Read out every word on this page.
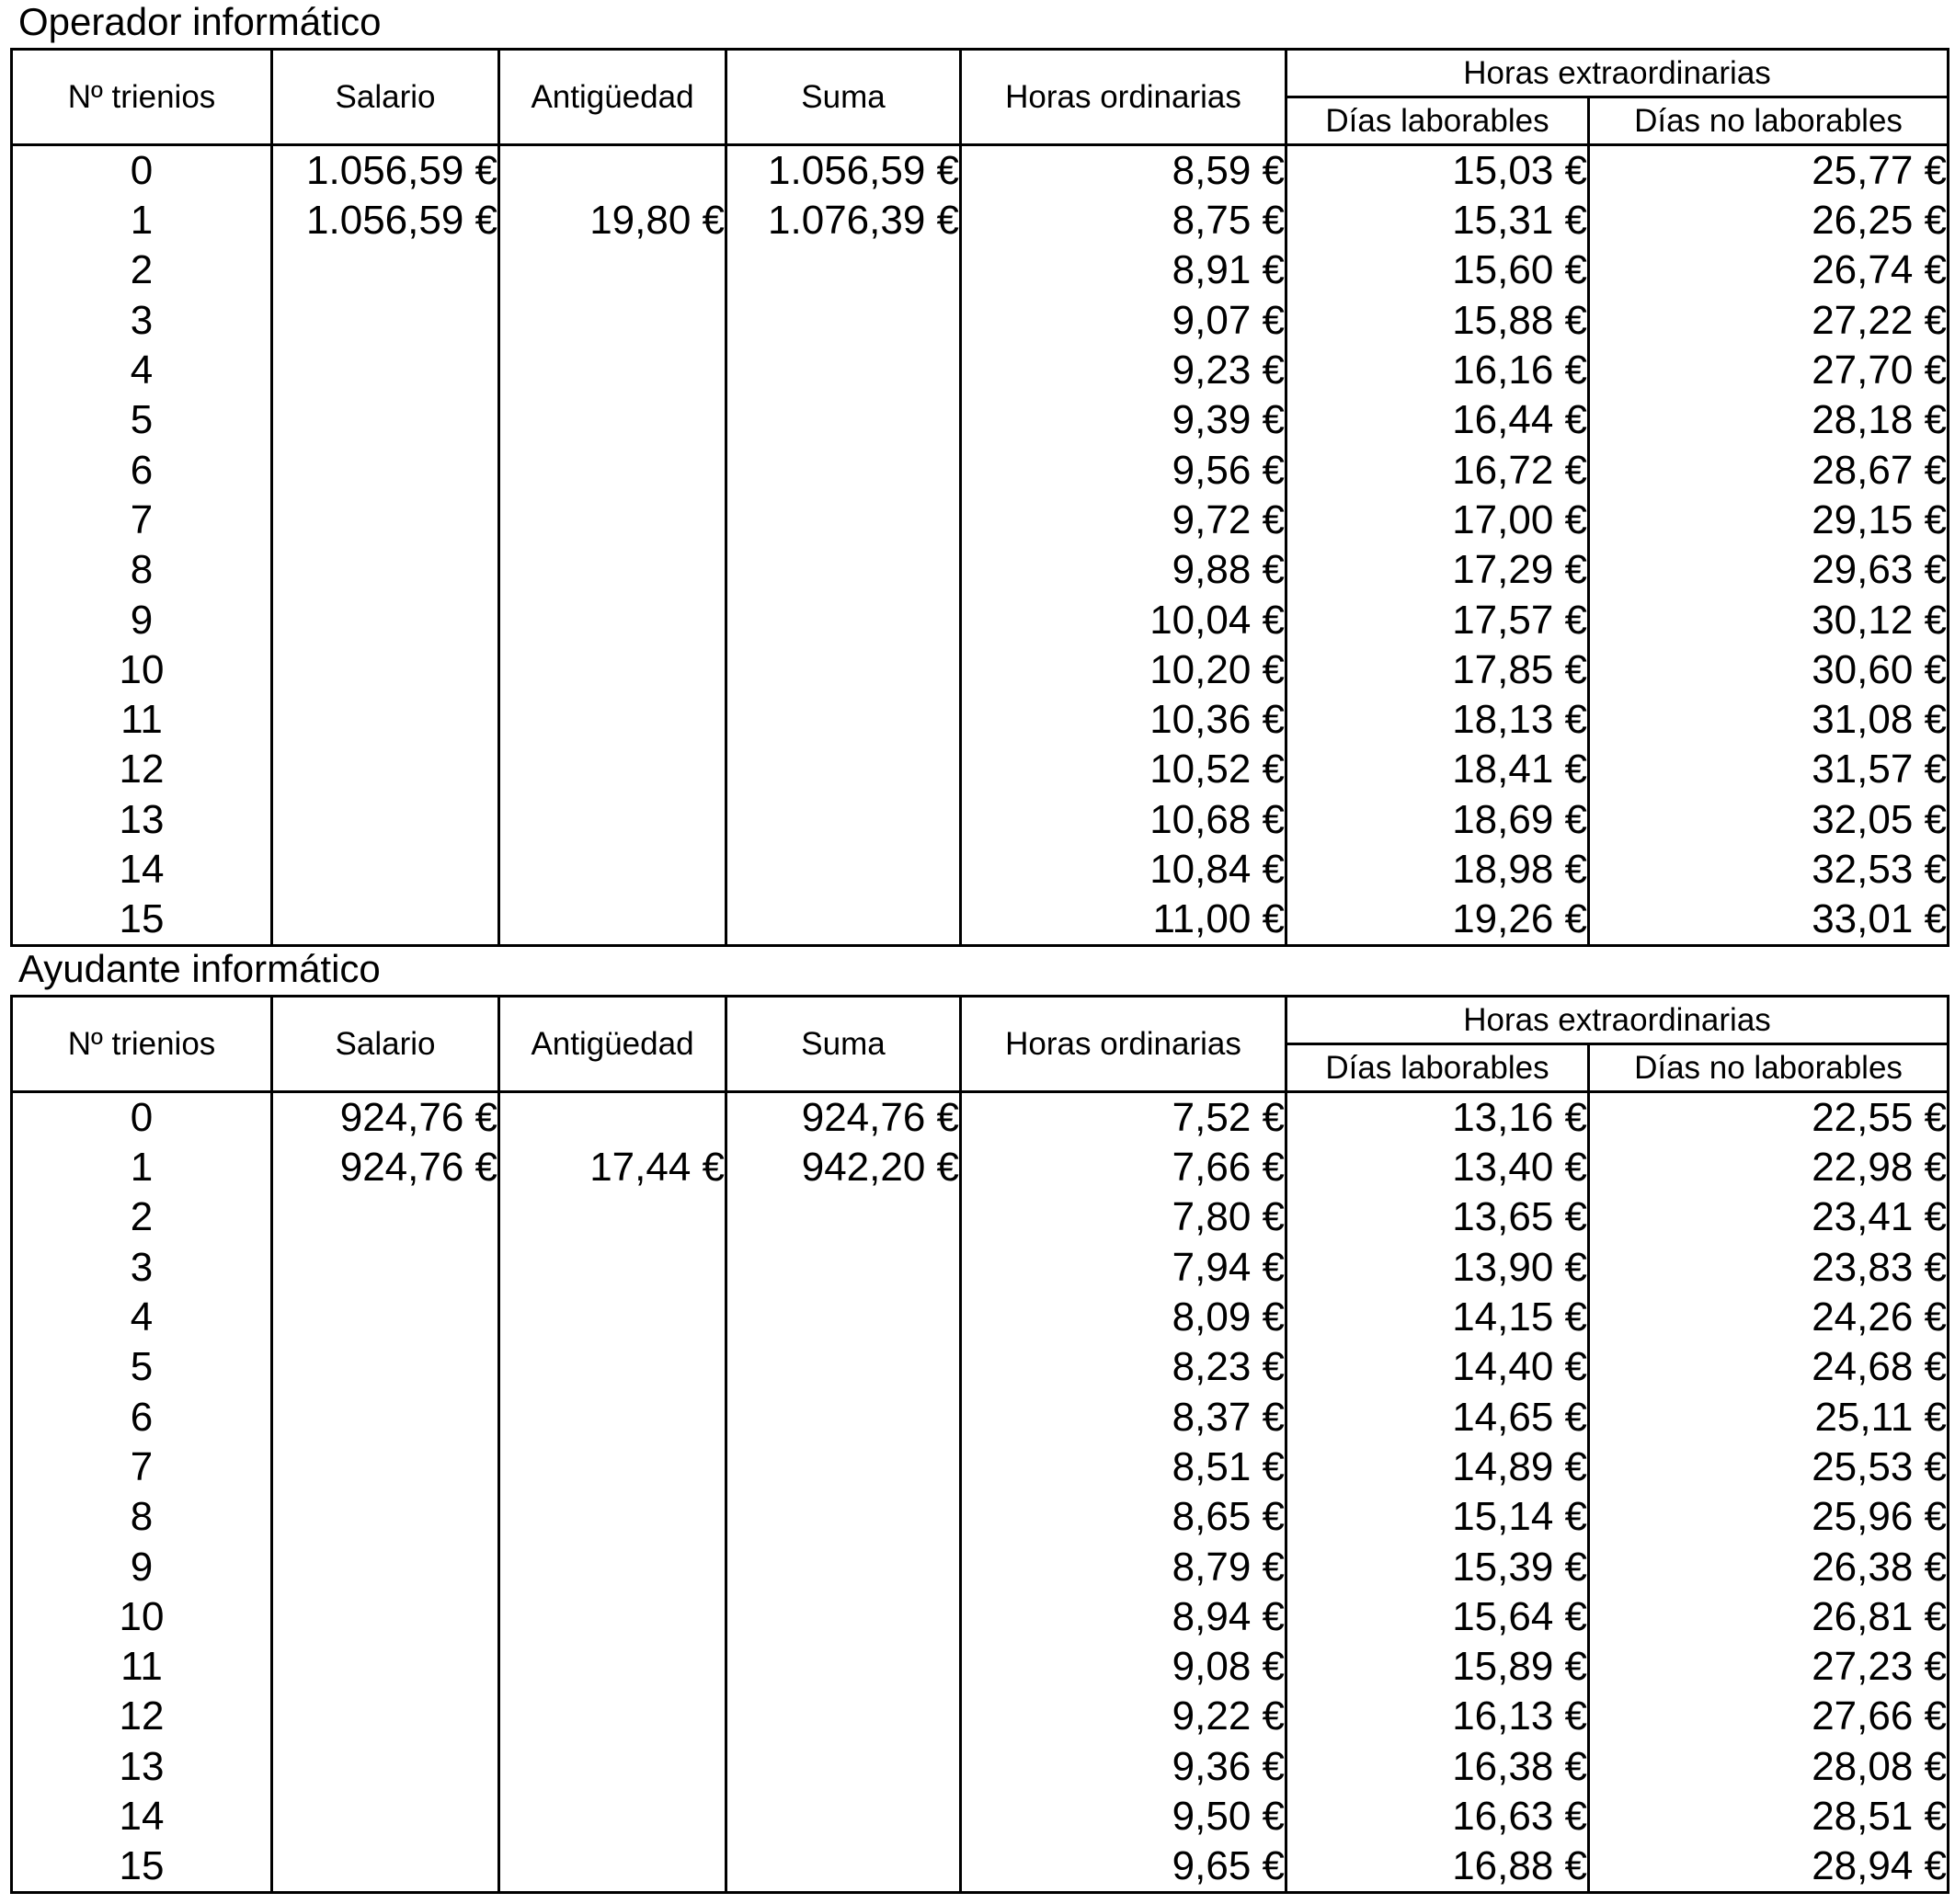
Operador informático
Nº trienios	Salario	Antigüedad	Suma	Horas ordinarias	Horas extraordinarias	
					Días laborables	Días no laborables
0	1.056,59 €		1.056,59 €	8,59 €	15,03 €	25,77 €
1	1.056,59 €	19,80 €	1.076,39 €	8,75 €	15,31 €	26,25 €
2				8,91 €	15,60 €	26,74 €
3				9,07 €	15,88 €	27,22 €
4				9,23 €	16,16 €	27,70 €
5				9,39 €	16,44 €	28,18 €
6				9,56 €	16,72 €	28,67 €
7				9,72 €	17,00 €	29,15 €
8				9,88 €	17,29 €	29,63 €
9				10,04 €	17,57 €	30,12 €
10				10,20 €	17,85 €	30,60 €
11				10,36 €	18,13 €	31,08 €
12				10,52 €	18,41 €	31,57 €
13				10,68 €	18,69 €	32,05 €
14				10,84 €	18,98 €	32,53 €
15				11,00 €	19,26 €	33,01 €
Ayudante informático
Nº trienios	Salario	Antigüedad	Suma	Horas ordinarias	Horas extraordinarias	
					Días laborables	Días no laborables
0	924,76 €		924,76 €	7,52 €	13,16 €	22,55 €
1	924,76 €	17,44 €	942,20 €	7,66 €	13,40 €	22,98 €
2				7,80 €	13,65 €	23,41 €
3				7,94 €	13,90 €	23,83 €
4				8,09 €	14,15 €	24,26 €
5				8,23 €	14,40 €	24,68 €
6				8,37 €	14,65 €	25,11 €
7				8,51 €	14,89 €	25,53 €
8				8,65 €	15,14 €	25,96 €
9				8,79 €	15,39 €	26,38 €
10				8,94 €	15,64 €	26,81 €
11				9,08 €	15,89 €	27,23 €
12				9,22 €	16,13 €	27,66 €
13				9,36 €	16,38 €	28,08 €
14				9,50 €	16,63 €	28,51 €
15				9,65 €	16,88 €	28,94 €
